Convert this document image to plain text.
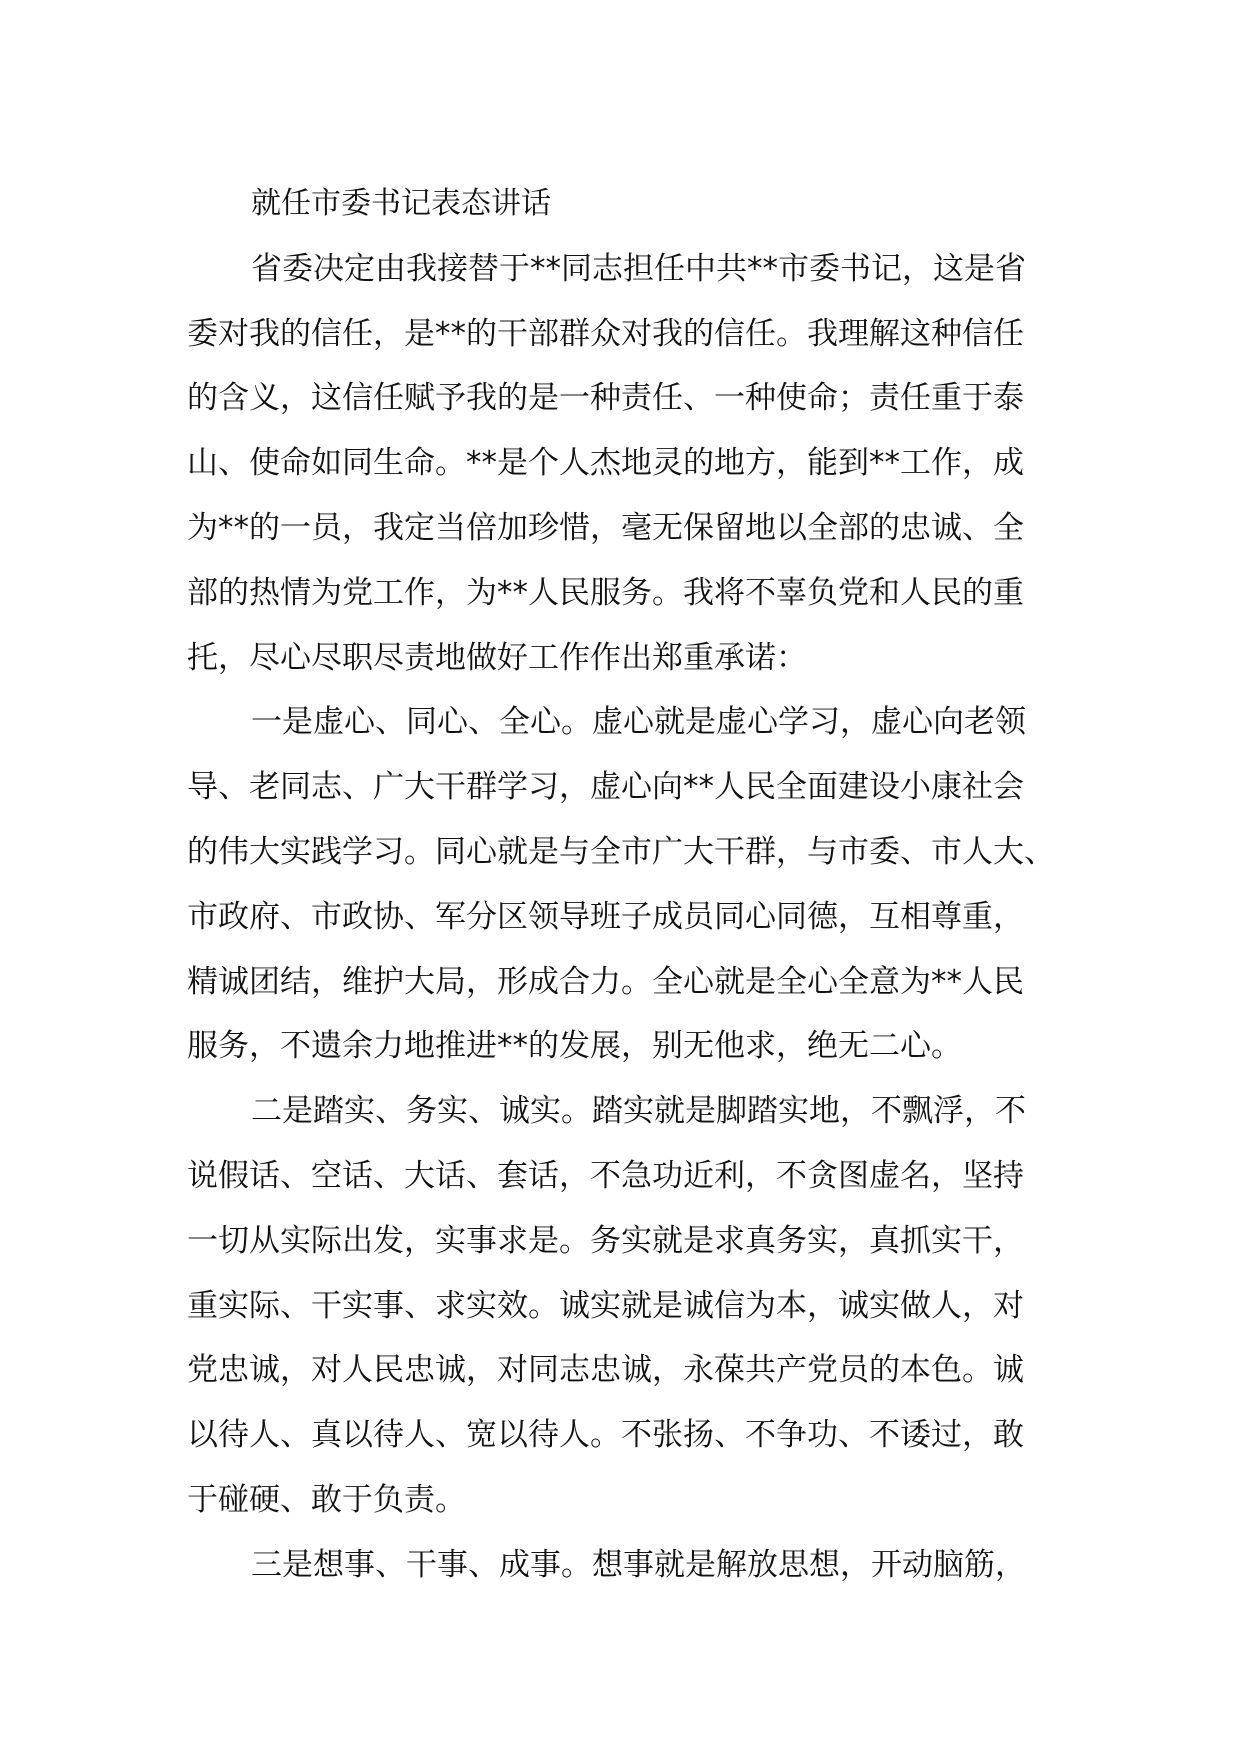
就任市委书记表态讲话
省委决定由我接替于**同志担任中共**市委书记，这是省
委对我的信任，是**的干部群众对我的信任。我理解这种信任
的含义，这信任赋予我的是一种责任、一种使命；责任重于泰
山、使命如同生命。**是个人杰地灵的地方，能到**工作，成
为**的一员，我定当倍加珍惜，毫无保留地以全部的忠诚、全
部的热情为党工作，为**人民服务。我将不辜负党和人民的重
托，尽心尽职尽责地做好工作作出郑重承诺：
一是虚心、同心、全心。虚心就是虚心学习，虚心向老领
导、老同志、广大干群学习，虚心向**人民全面建设小康社会
的伟大实践学习。同心就是与全市广大干群，与市委、市人大、
市政府、市政协、军分区领导班子成员同心同德，互相尊重，
精诚团结，维护大局，形成合力。全心就是全心全意为**人民
服务，不遗余力地推进**的发展，别无他求，绝无二心。
二是踏实、务实、诚实。踏实就是脚踏实地，不飘浮，不
说假话、空话、大话、套话，不急功近利，不贪图虚名，坚持
一切从实际出发，实事求是。务实就是求真务实，真抓实干，
重实际、干实事、求实效。诚实就是诚信为本，诚实做人，对
党忠诚，对人民忠诚，对同志忠诚，永葆共产党员的本色。诚
以待人、真以待人、宽以待人。不张扬、不争功、不诿过，敢
于碰硬、敢于负责。
三是想事、干事、成事。想事就是解放思想，开动脑筋，
